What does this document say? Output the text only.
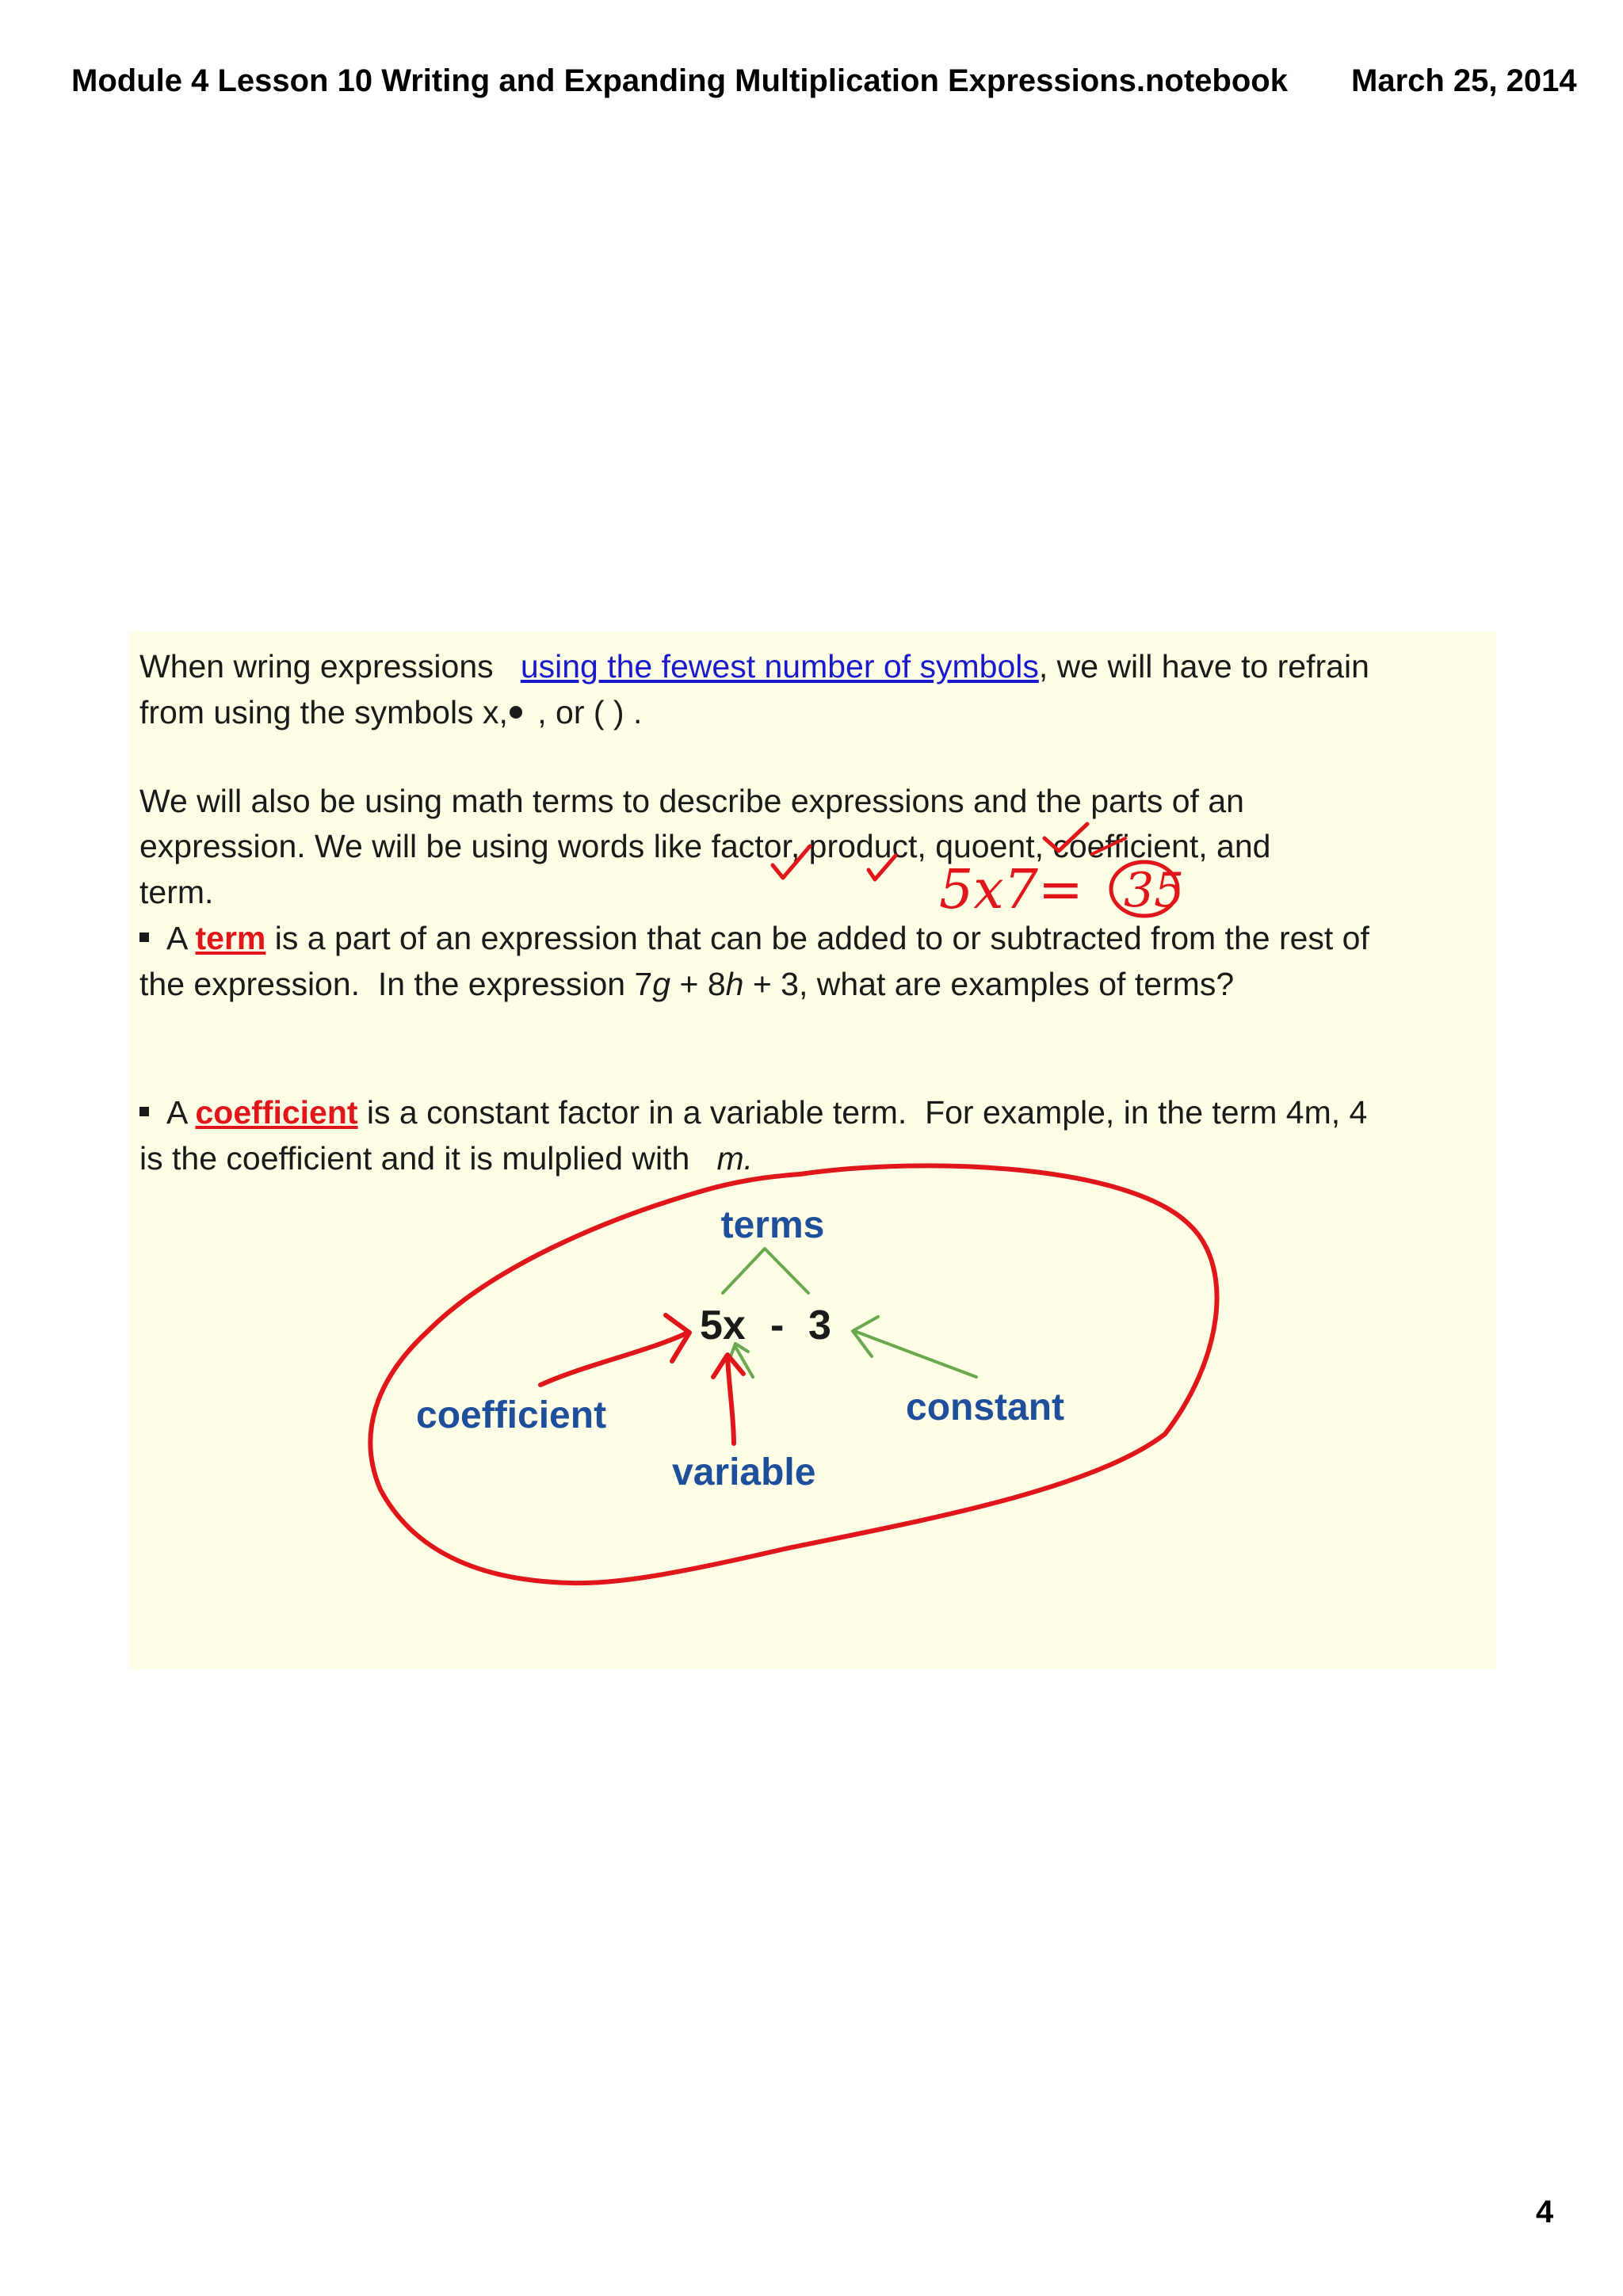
Module 4 Lesson 10 Writing and Expanding Multiplication Expressions.notebook March 25, 2014
When wring expressions   using the fewest number of symbols, we will have to refrain
from using the symbols x, , or ( ) .
We will also be using math terms to describe expressions and the parts of an
expression. We will be using words like factor, product, quoent, coefficient, and
term.
A term is a part of an expression that can be added to or subtracted from the rest of
the expression.  In the expression 7g + 8h + 3, what are examples of terms?
A coefficient is a constant factor in a variable term.  For example, in the term 4m, 4
is the coefficient and it is mulplied with   m.
5x7= 35
terms
5x - 3
coefficient
variable
constant
4
